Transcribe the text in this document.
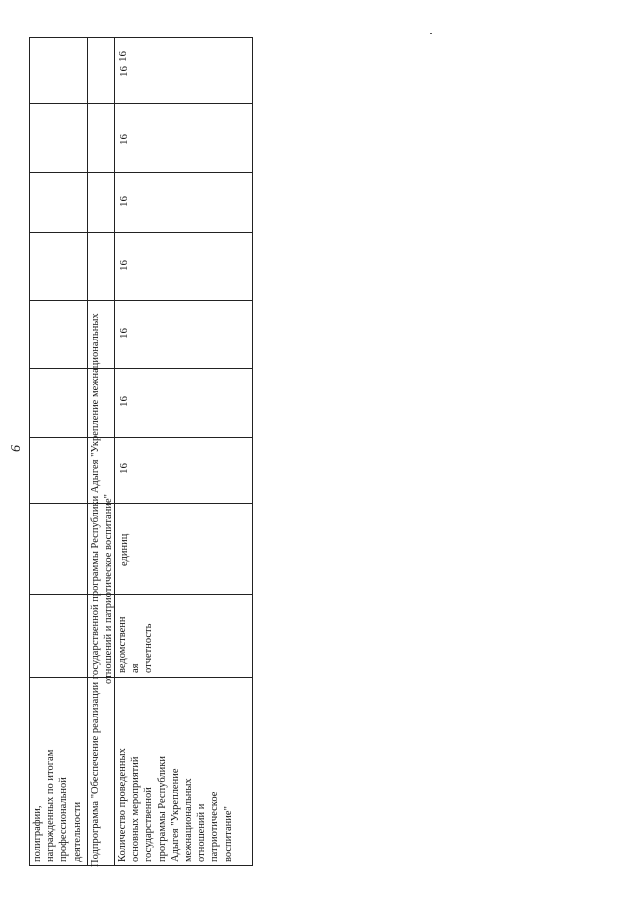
6
полиграфии, награжденных по итогам профессиональной деятельности Подпрограмма "Обеспечение реализации государственной программы Республики Адыгея "Укрепление межнациональных отношений и патриотическое воспитание"
Количество проведенных основных мероприятий государственной программы Республики Адыгея "Укрепление межнациональных отношений и патриотическое воспитание"
ведомственн ая отчетность
единиц
16
16
16
16
16
16
16
16
